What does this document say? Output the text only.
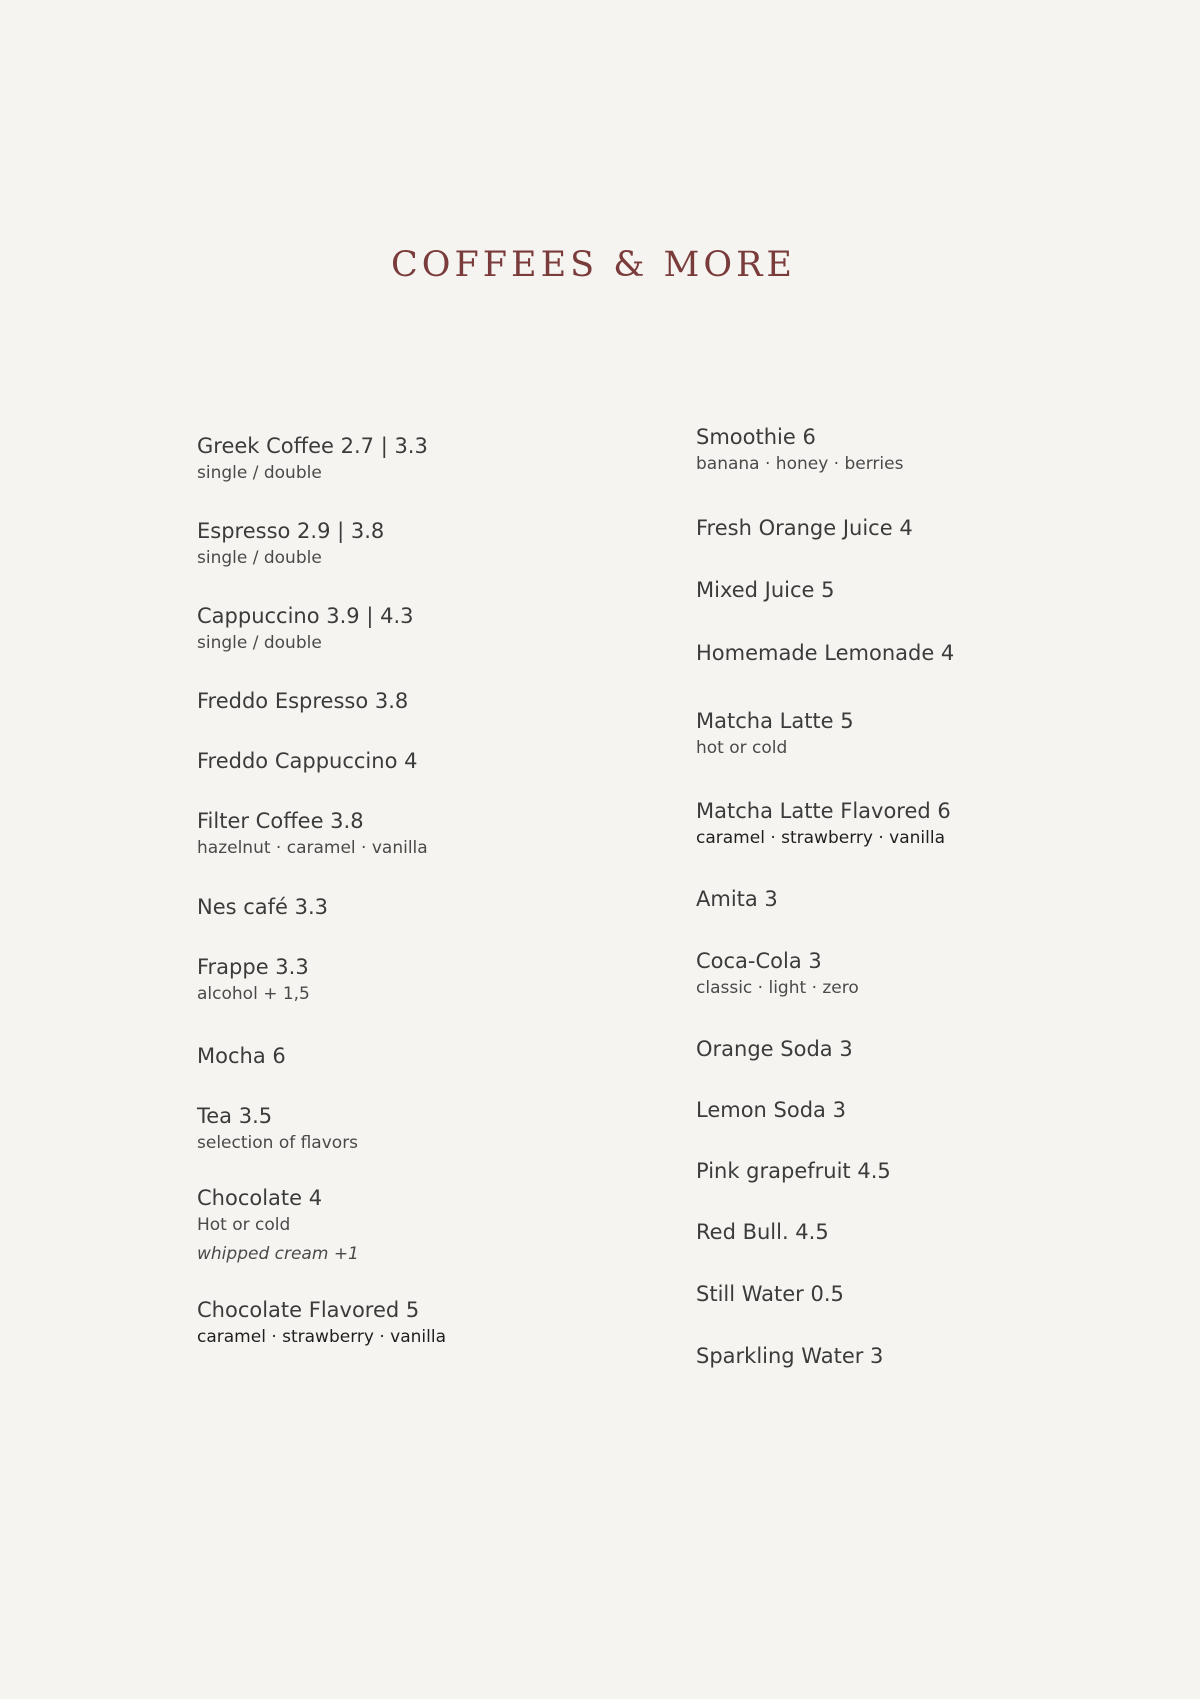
COFFEES & MORE
Greek Coffee 2.7 | 3.3
single / double
Espresso 2.9 | 3.8
single / double
Cappuccino 3.9 | 4.3
single / double
Freddo Espresso 3.8
Freddo Cappuccino 4
Filter Coffee 3.8
hazelnut · caramel · vanilla
Nes café 3.3
Frappe 3.3
alcohol + 1,5
Mocha 6
Tea 3.5
selection of flavors
Chocolate 4
Hot or cold
whipped cream +1
Chocolate Flavored 5
caramel · strawberry · vanilla
Smoothie 6
banana · honey · berries
Fresh Orange Juice 4
Mixed Juice 5
Homemade Lemonade 4
Matcha Latte 5
hot or cold
Matcha Latte Flavored 6
caramel · strawberry · vanilla
Amita 3
Coca-Cola 3
classic · light · zero
Orange Soda 3
Lemon Soda 3
Pink grapefruit 4.5
Red Bull. 4.5
Still Water 0.5
Sparkling Water 3
